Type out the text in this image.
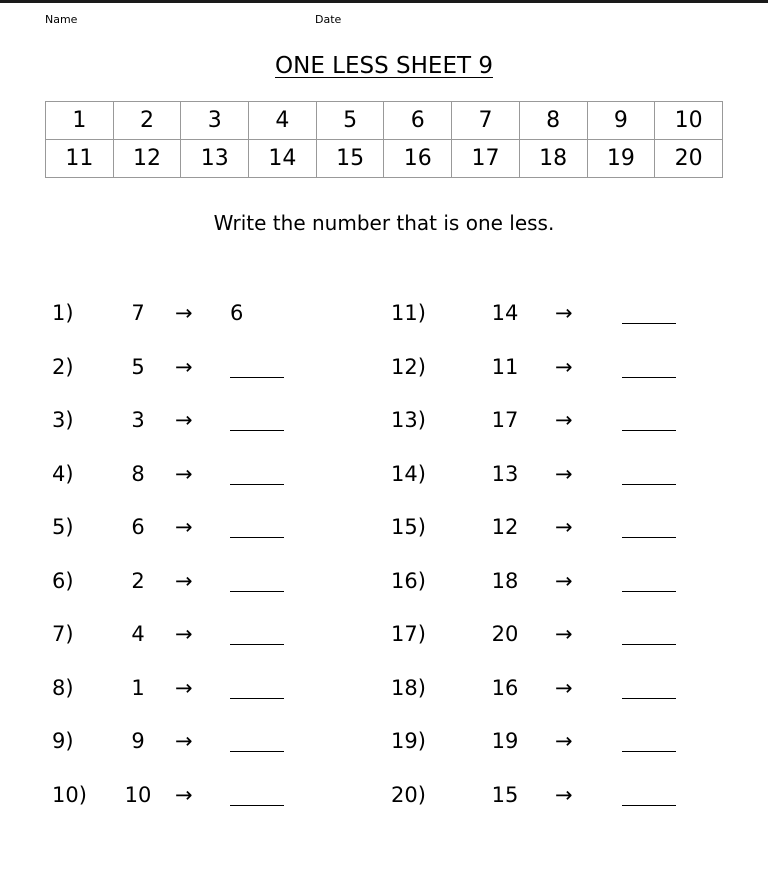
Name	Date
ONE LESS SHEET 9
1	2	3	4	5	6	7	8	9	10
11	12	13	14	15	16	17	18	19	20
Write the number that is one less.
1)	7	→ 6
2)	5	→
3)	3	→
4)	8	→
5)	6	→
6)	2	→
7)	4	→
8)	1	→
9)	9	→
10)	10	→
11)	14	→
12)	11	→
13)	17	→
14)	13	→
15)	12	→
16)	18	→
17)	20	→
18)	16	→
19)	19	→
20)	15	→
